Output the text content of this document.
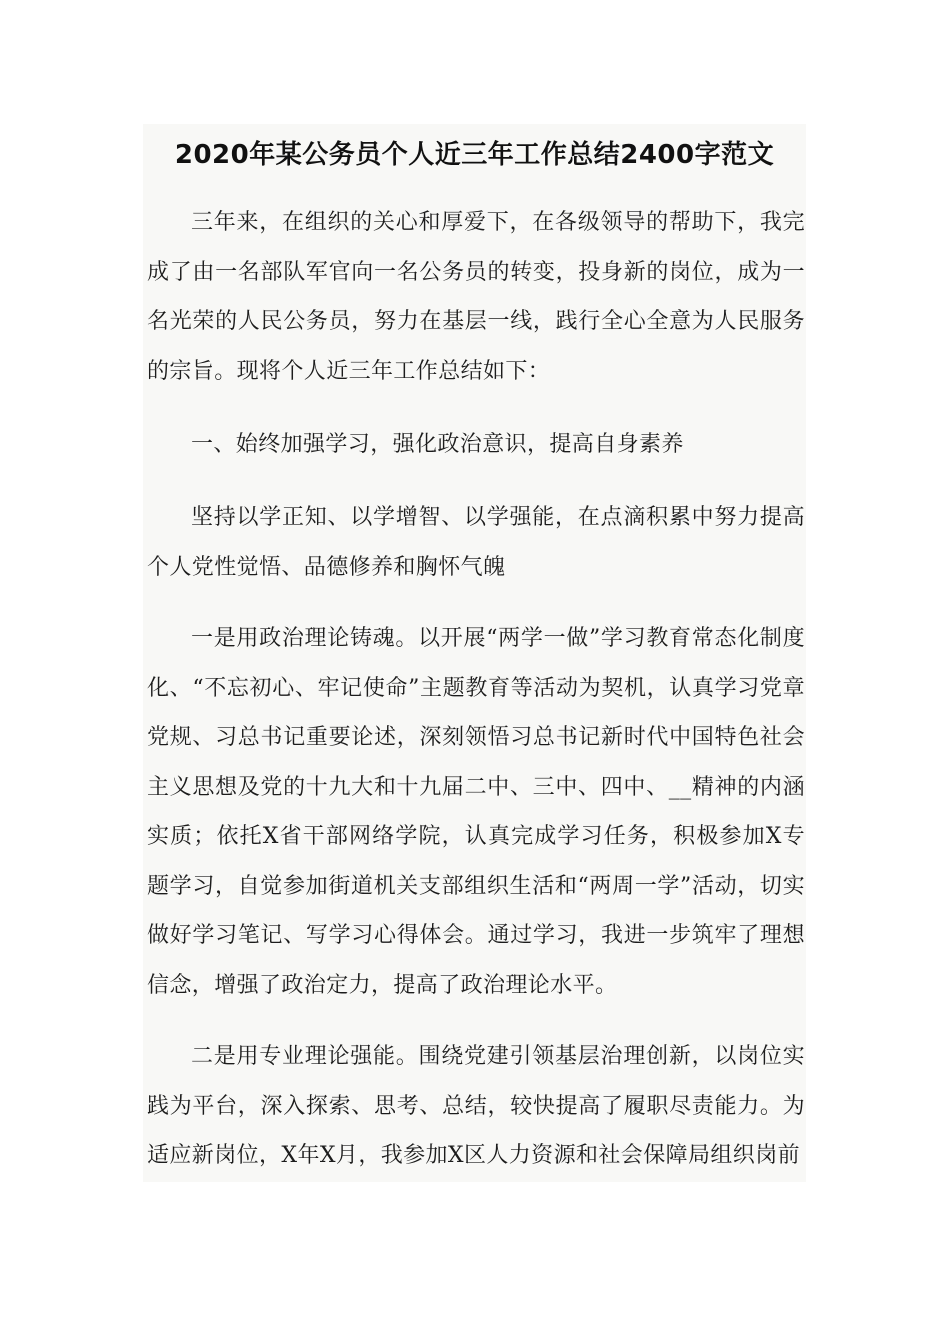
2020年某公务员个人近三年工作总结2400字范文

三年来，在组织的关心和厚爱下，在各级领导的帮助下，我完成了由一名部队军官向一名公务员的转变，投身新的岗位，成为一名光荣的人民公务员，努力在基层一线，践行全心全意为人民服务的宗旨。现将个人近三年工作总结如下：

一、始终加强学习，强化政治意识，提高自身素养

坚持以学正知、以学增智、以学强能，在点滴积累中努力提高个人党性觉悟、品德修养和胸怀气魄

一是用政治理论铸魂。以开展“两学一做”学习教育常态化制度化、“不忘初心、牢记使命”主题教育等活动为契机，认真学习党章党规、习总书记重要论述，深刻领悟习总书记新时代中国特色社会主义思想及党的十九大和十九届二中、三中、四中、__精神的内涵实质；依托X省干部网络学院，认真完成学习任务，积极参加X专题学习，自觉参加街道机关支部组织生活和“两周一学”活动，切实做好学习笔记、写学习心得体会。通过学习，我进一步筑牢了理想信念，增强了政治定力，提高了政治理论水平。

二是用专业理论强能。围绕党建引领基层治理创新，以岗位实践为平台，深入探索、思考、总结，较快提高了履职尽责能力。为适应新岗位，X年X月，我参加X区人力资源和社会保障局组织岗前
